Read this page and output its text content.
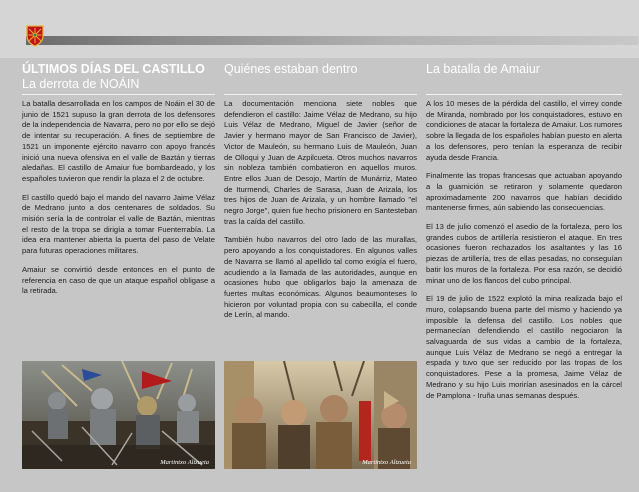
ÚLTIMOS DÍAS DEL CASTILLO
La derrota de NOÁIN

La batalla desarrollada en los campos de Noáin el 30 de junio de 1521 supuso la gran derrota de los defensores de la independencia de Navarra, pero no por ello se dejó de intentar su recuperación. A fines de septiembre de 1521 un imponente ejército navarro con apoyo francés inició una nueva ofensiva en el valle de Baztán y tierras aledañas. El castillo de Amaiur fue bombardeado, y los españoles tuvieron que rendir la plaza el 2 de octubre.

El castillo quedó bajo el mando del navarro Jaime Vélaz de Medrano junto a dos centenares de soldados. Su misión sería la de controlar el valle de Baztán, mientras el resto de la tropa se dirigía a tomar Fuenterrabía. La idea era mantener abierta la puerta del paso de Velate para futuras operaciones militares.

Amaiur se convirtió desde entonces en el punto de referencia en caso de que un ataque español obligase a la retirada.

Quiénes estaban dentro

La documentación menciona siete nobles que defendieron el castillo: Jaime Vélaz de Medrano, su hijo Luis Vélaz de Medrano, Miguel de Javier (señor de Javier y hermano mayor de San Francisco de Javier), Victor de Mauleón, su hermano Luis de Mauleón, Juan de Olloqui y Juan de Azpilcueta. Otros muchos navarros sin nobleza también combatieron en aquellos muros. Entre ellos Juan de Desojo, Martín de Munárriz, Mateo de Iturmendi, Charles de Sarasa, Juan de Arizala, los tres hijos de Juan de Arizala, y un hombre llamado "el negro Jorge", quien fue hecho prisionero en Santesteban tras la caída del castillo.

También hubo navarros del otro lado de las murallas, pero apoyando a los conquistadores. En algunos valles de Navarra se llamó al apellido tal como exigía el fuero, acudiendo a la llamada de las autoridades, aunque en ocasiones hubo que obligarlos bajo la amenaza de fuertes multas económicas. Algunos beaumonteses lo hicieron por voluntad propia con su cabecilla, el conde de Lerín, al mando.

La batalla de Amaiur

A los 10 meses de la pérdida del castillo, el virrey conde de Miranda, nombrado por los conquistadores, estuvo en condiciones de atacar la fortaleza de Amaiur. Los rumores sobre la llegada de los españoles habían puesto en alerta a los defensores, pero tenían la esperanza de recibir ayuda desde Francia.

Finalmente las tropas francesas que actuaban apoyando a la guarnición se retiraron y solamente quedaron aproximadamente 200 navarros que habían decidido mantenerse firmes, aún sabiendo las consecuencias.

El 13 de julio comenzó el asedio de la fortaleza, pero los grandes cubos de artillería resistieron el ataque. En tres ocasiones fueron rechazados los asaltantes y las 16 piezas de artillería, tres de ellas pesadas, no conseguían batir los muros de la fortaleza. Por esa razón, se decidió minar uno de los flancos del cubo principal.

El 19 de julio de 1522 explotó la mina realizada bajo el muro, colapsando buena parte del mismo y haciendo ya imposible la defensa del castillo. Los nobles que permanecían defendiendo el castillo negociaron la salvaguarda de sus vidas a cambio de la fortaleza, aunque Luis Vélaz de Medrano se negó a entregar la espada y tuvo que ser reducido por las tropas de los conquistadores. Pese a la promesa, Jaime Vélaz de Medrano y su hijo Luis morirían asesinados en la cárcel de Pamplona - Iruña unas semanas después.

Martintxo Altzueta	Martintxo Altzueta
